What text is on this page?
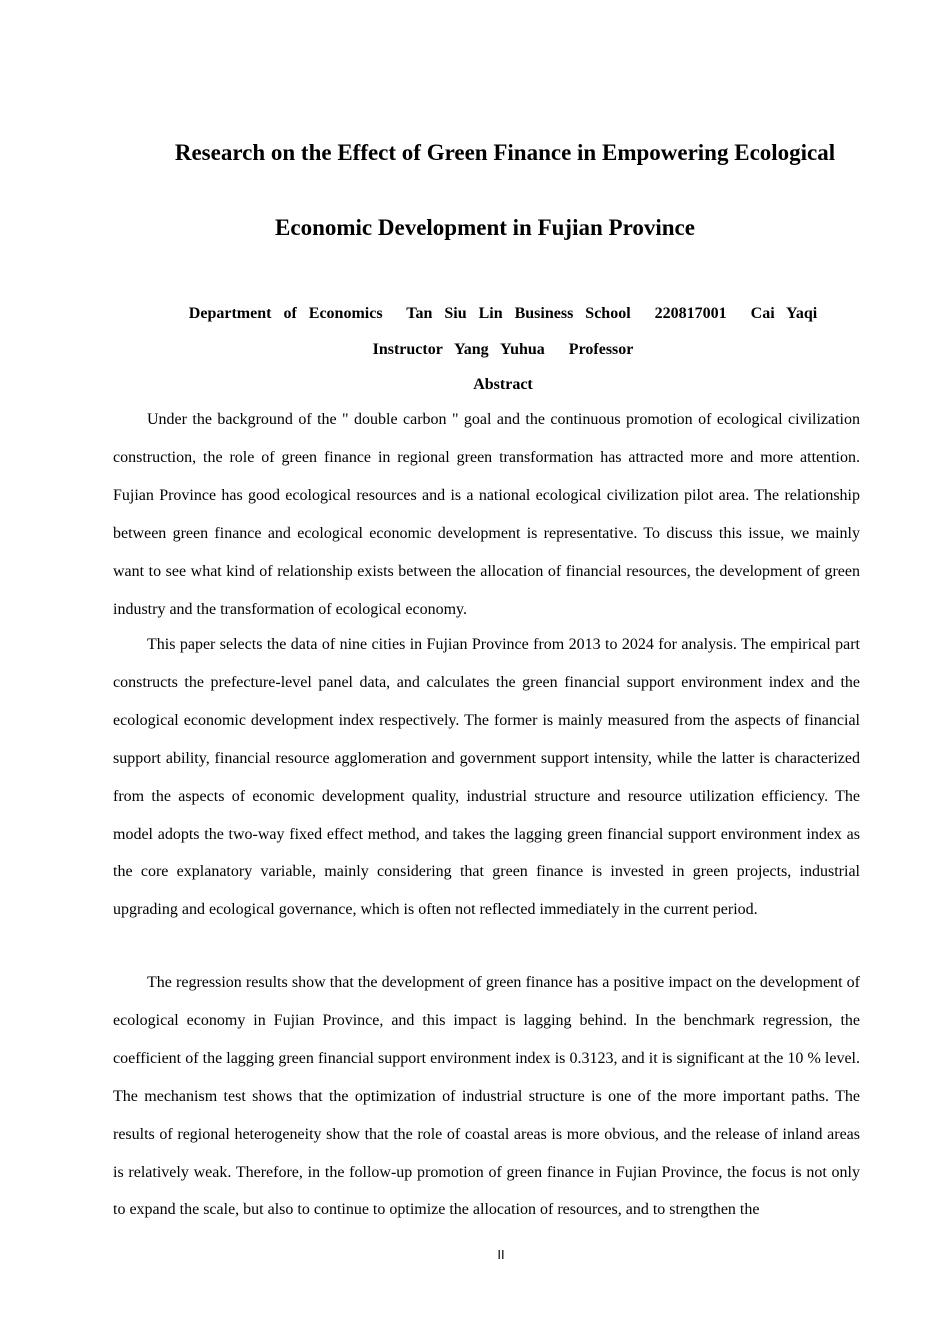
Research on the Effect of Green Finance in Empowering Ecological
Economic Development in Fujian Province
Department  of  Economics    Tan  Siu  Lin  Business  School    220817001    Cai  Yaqi
Instructor  Yang  Yuhua    Professor
Abstract

Under the background of the " double carbon " goal and the continuous promotion of ecological civilization construction, the role of green finance in regional green transformation has attracted more and more attention. Fujian Province has good ecological resources and is a national ecological civilization pilot area. The relationship between green finance and ecological economic development is representative. To discuss this issue, we mainly want to see what kind of relationship exists between the allocation of financial resources, the development of green industry and the transformation of ecological economy.

This paper selects the data of nine cities in Fujian Province from 2013 to 2024 for analysis. The empirical part constructs the prefecture-level panel data, and calculates the green financial support environment index and the ecological economic development index respectively. The former is mainly measured from the aspects of financial support ability, financial resource agglomeration and government support intensity, while the latter is characterized from the aspects of economic development quality, industrial structure and resource utilization efficiency. The model adopts the two-way fixed effect method, and takes the lagging green financial support environment index as the core explanatory variable, mainly considering that green finance is invested in green projects, industrial upgrading and ecological governance, which is often not reflected immediately in the current period.

The regression results show that the development of green finance has a positive impact on the development of ecological economy in Fujian Province, and this impact is lagging behind. In the benchmark regression, the coefficient of the lagging green financial support environment index is 0.3123, and it is significant at the 10 % level. The mechanism test shows that the optimization of industrial structure is one of the more important paths. The results of regional heterogeneity show that the role of coastal areas is more obvious, and the release of inland areas is relatively weak. Therefore, in the follow-up promotion of green finance in Fujian Province, the focus is not only to expand the scale, but also to continue to optimize the allocation of resources, and to strengthen the

II
